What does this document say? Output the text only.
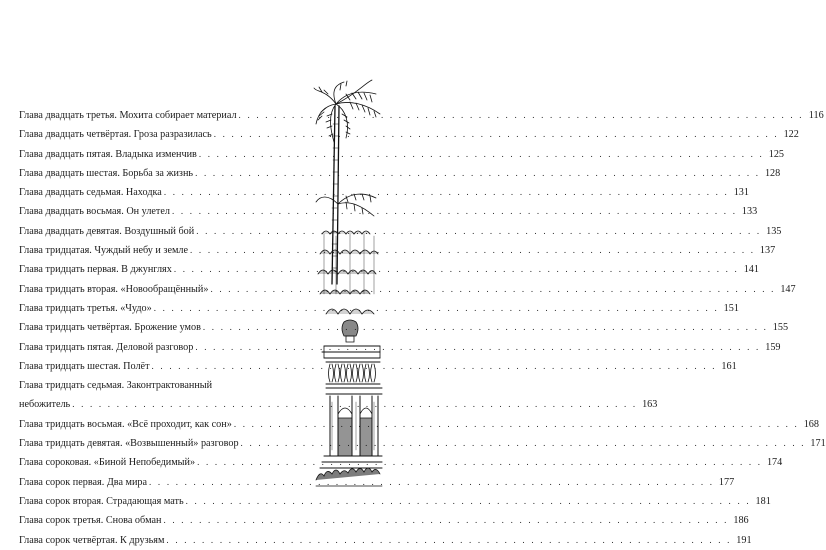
Глава двадцать третья. Мохита собирает материал . . .	116
Глава двадцать четвёртая. Гроза разразилась . . .	122
Глава двадцать пятая. Владыка изменчив . . .	125
Глава двадцать шестая. Борьба за жизнь . . .	128
Глава двадцать седьмая. Находка . . .	131
Глава двадцать восьмая. Он улетел . . .	133
Глава двадцать девятая. Воздушный бой . . .	135
Глава тридцатая. Чуждый небу и земле . . .	137
Глава тридцать первая. В джунглях . . .	141
Глава тридцать вторая. «Новообращённый» . . .	147
Глава тридцать третья. «Чудо» . . .	151
Глава тридцать четвёртая. Брожение умов . . .	155
Глава тридцать пятая. Деловой разговор . . .	159
Глава тридцать шестая. Полёт . . .	161
Глава тридцать седьмая. Законтрактованный
небожитель . . .	163
Глава тридцать восьмая. «Всё проходит, как сон» . . .	168
Глава тридцать девятая. «Возвышенный» разговор . . .	171
Глава сороковая. «Биной Непобедимый» . . .	174
Глава сорок первая. Два мира . . .	177
Глава сорок вторая. Страдающая мать . . .	181
Глава сорок третья. Снова обман . . .	186
Глава сорок четвёртая. К друзьям . . .	191
